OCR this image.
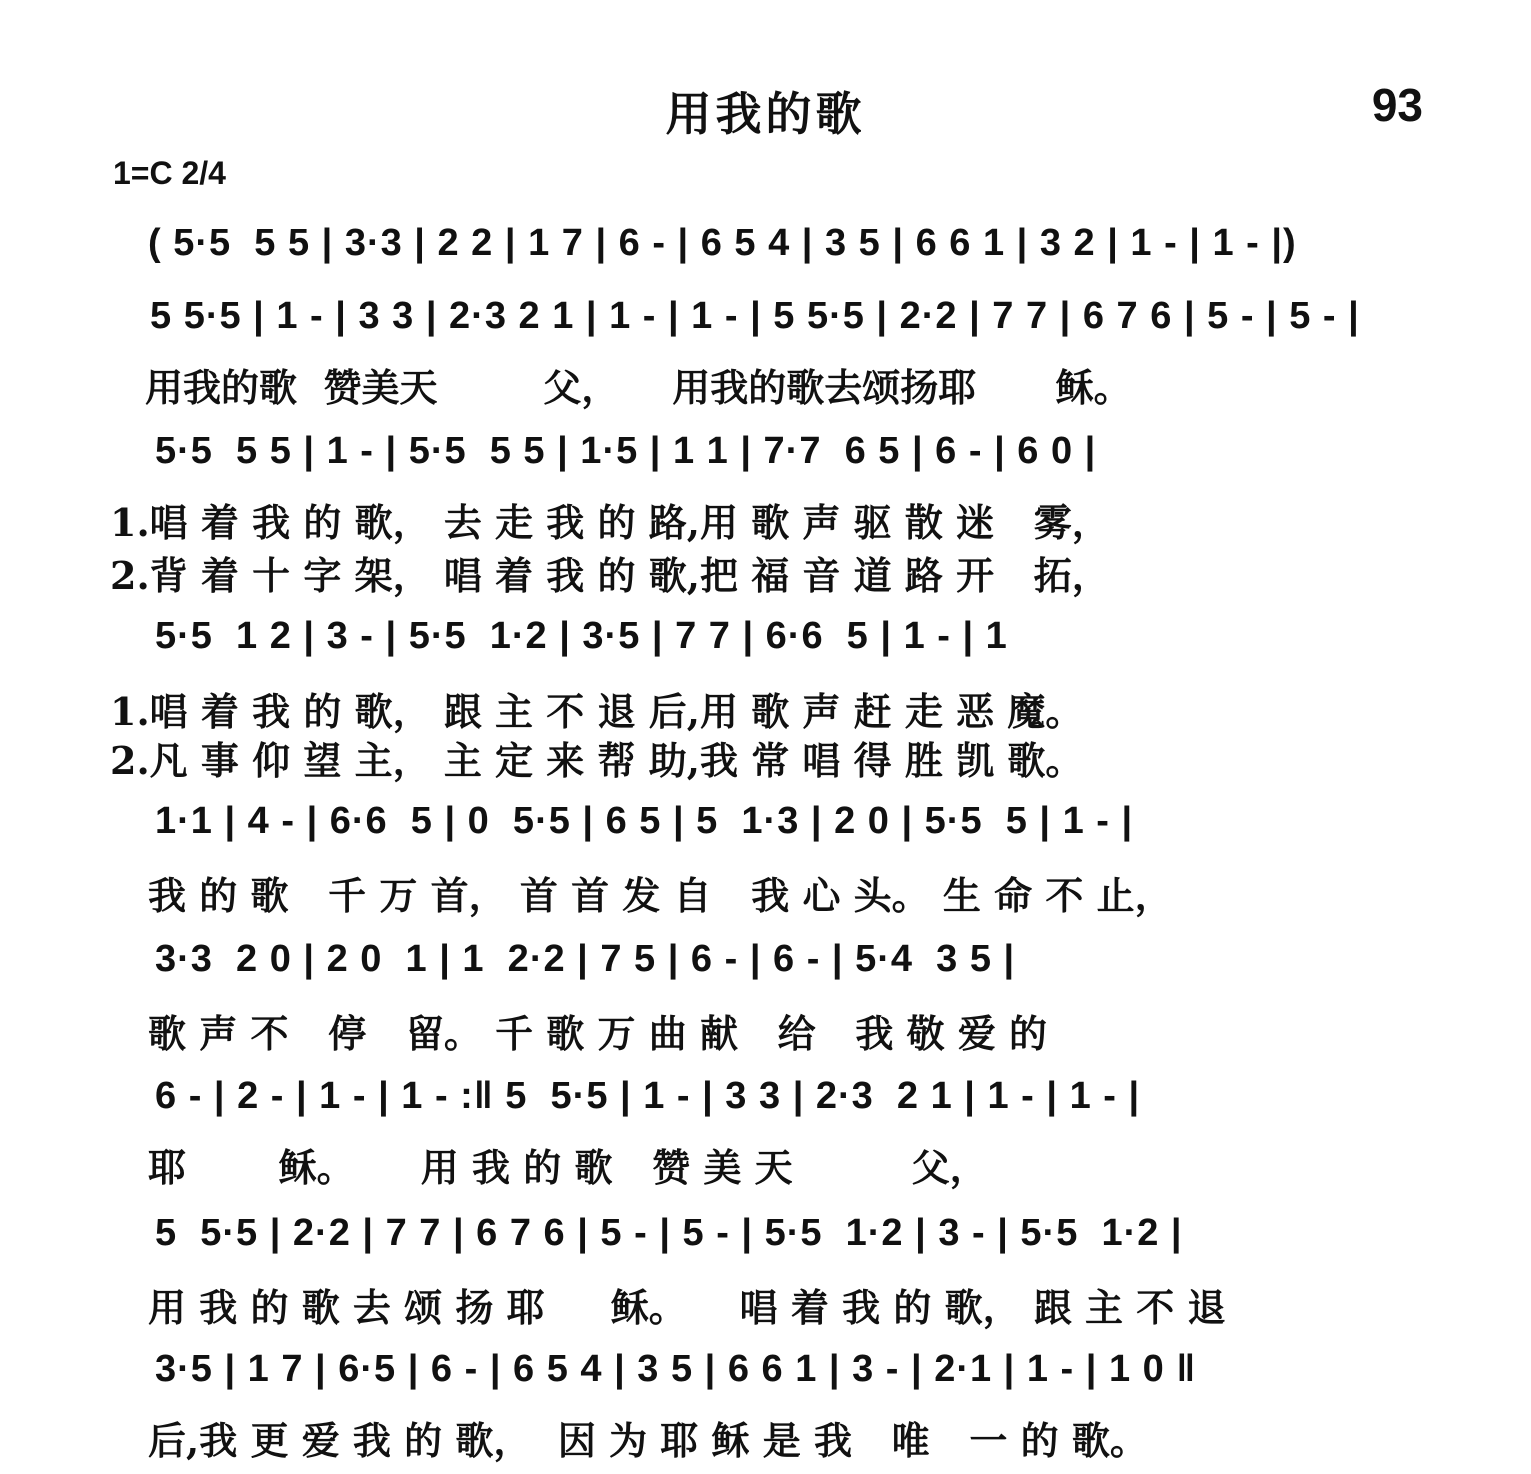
用我的歌	93
1=C 2/4
( 5·5  5 5 | 3·3 | 2 2 | 1 7 | 6 - | 6 5 4 | 3 5 | 6 6 1 | 3 2 | 1 - | 1 - |)
5 5·5 | 1 - | 3 3 | 2·3 2 1 | 1 - | 1 - | 5 5·5 | 2·2 | 7 7 | 6 7 6 | 5 - | 5 - |
用我的歌  赞美天        父，    用我的歌去颂扬耶      稣。
5·5  5 5 | 1 - | 5·5  5 5 | 1·5 | 1 1 | 7·7  6 5 | 6 - | 6 0 |
1.唱 着 我 的 歌， 去 走 我 的 路,用 歌 声 驱 散 迷   雾，
2.背 着 十 字 架， 唱 着 我 的 歌,把 福 音 道 路 开   拓，
5·5  1 2 | 3 - | 5·5  1·2 | 3·5 | 7 7 | 6·6  5 | 1 - | 1
1.唱 着 我 的 歌， 跟 主 不 退 后,用 歌 声 赶 走 恶 魔。
2.凡 事 仰 望 主， 主 定 来 帮 助,我 常 唱 得 胜 凯 歌。
1·1 | 4 - | 6·6  5 | 0  5·5 | 6 5 | 5  1·3 | 2 0 | 5·5  5 | 1 - |
我 的 歌   千 万 首， 首 首 发 自   我 心 头。 生 命 不 止，
3·3  2 0 | 2 0  1 | 1  2·2 | 7 5 | 6 - | 6 - | 5·4  3 5 |
歌 声 不   停   留。 千 歌 万 曲 献   给   我 敬 爱 的
6 - | 2 - | 1 - | 1 - :‖ 5  5·5 | 1 - | 3 3 | 2·3  2 1 | 1 - | 1 - |
耶       稣。     用 我 的 歌   赞 美 天         父，
5  5·5 | 2·2 | 7 7 | 6 7 6 | 5 - | 5 - | 5·5  1·2 | 3 - | 5·5  1·2 |
用 我 的 歌 去 颂 扬 耶     稣。    唱 着 我 的 歌， 跟 主 不 退
3·5 | 1 7 | 6·5 | 6 - | 6 5 4 | 3 5 | 6 6 1 | 3 - | 2·1 | 1 - | 1 0 ‖
后,我 更 爱 我 的 歌，  因 为 耶 稣 是 我   唯   一 的 歌。
